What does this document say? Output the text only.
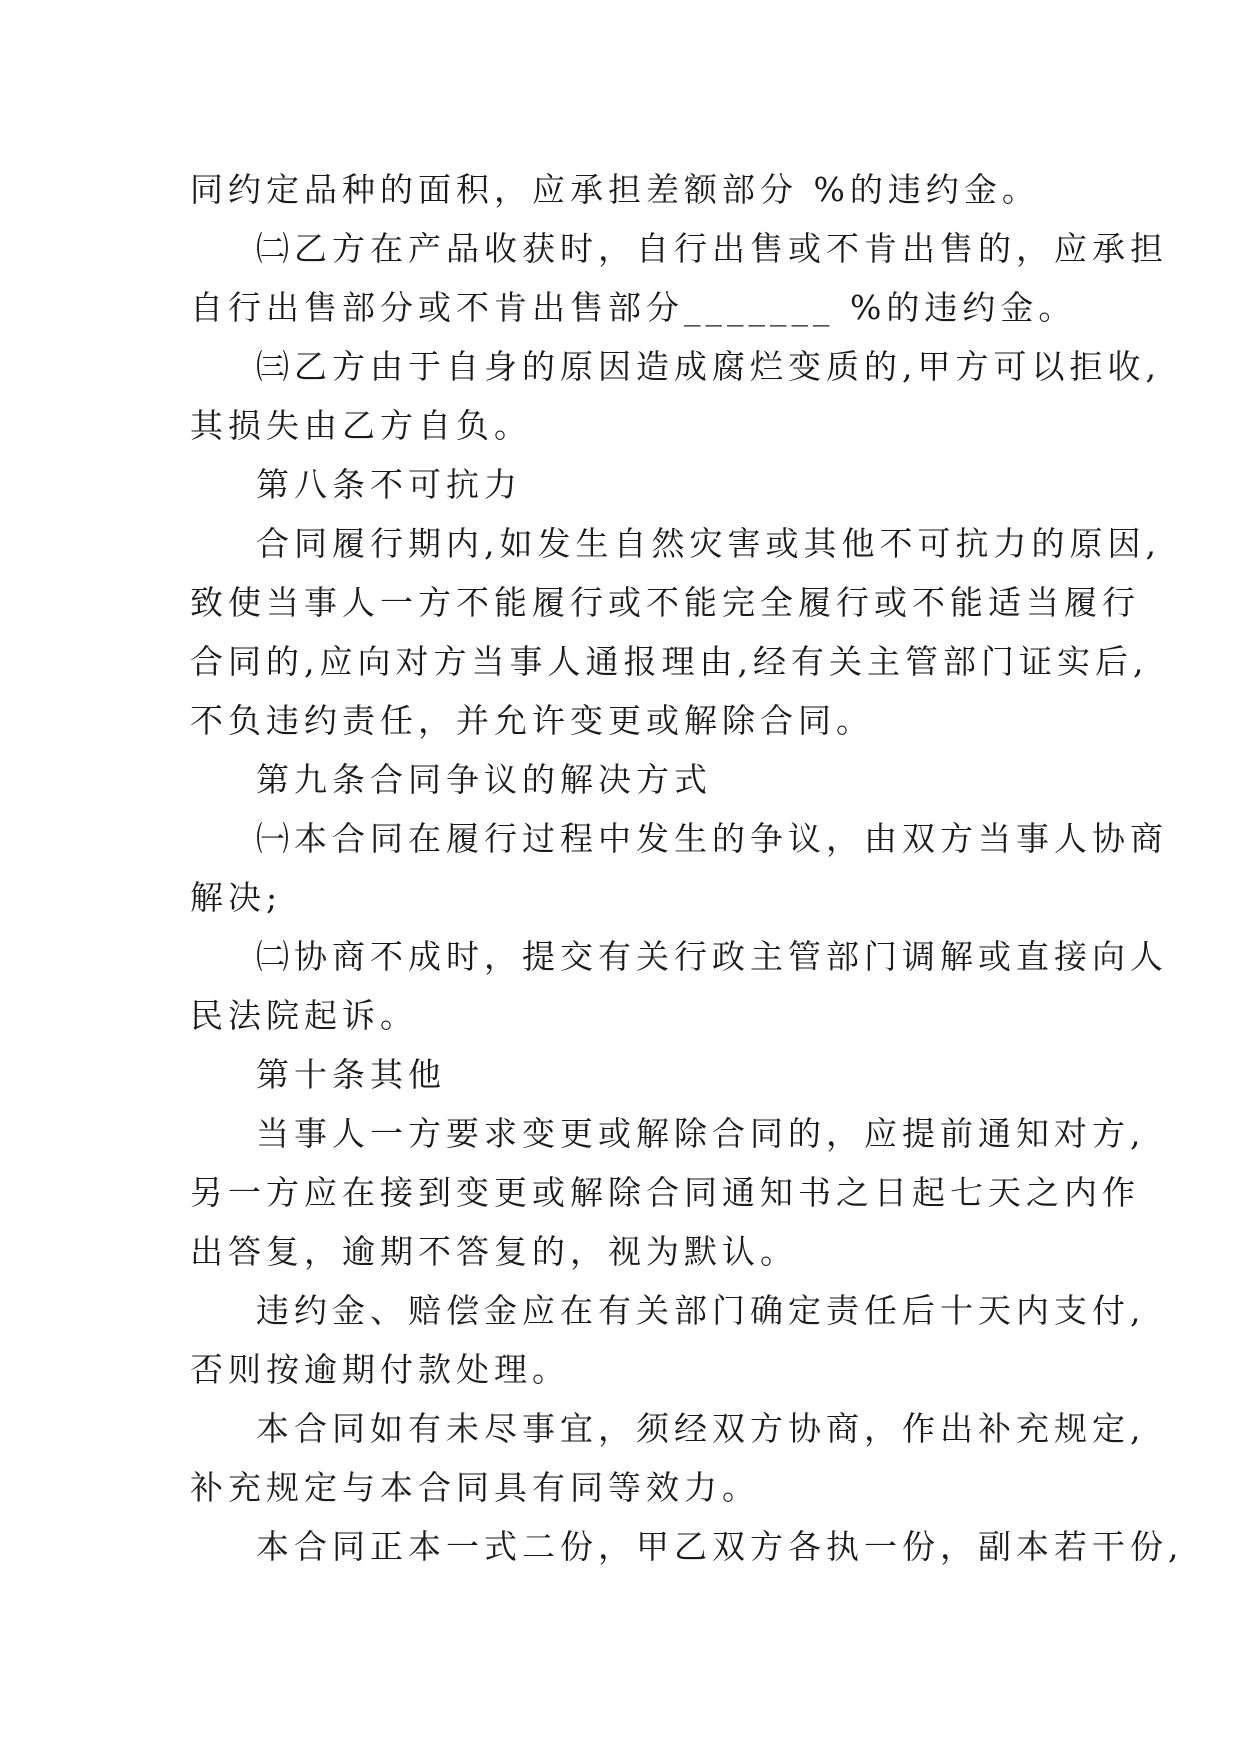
同约定品种的面积，应承担差额部分 %的违约金。
㈡乙方在产品收获时，自行出售或不肯出售的，应承担
自行出售部分或不肯出售部分_______ %的违约金。
㈢乙方由于自身的原因造成腐烂变质的,甲方可以拒收,
其损失由乙方自负。
第八条不可抗力
合同履行期内,如发生自然灾害或其他不可抗力的原因,
致使当事人一方不能履行或不能完全履行或不能适当履行
合同的,应向对方当事人通报理由,经有关主管部门证实后,
不负违约责任，并允许变更或解除合同。
第九条合同争议的解决方式
㈠本合同在履行过程中发生的争议，由双方当事人协商
解决;
㈡协商不成时，提交有关行政主管部门调解或直接向人
民法院起诉。
第十条其他
当事人一方要求变更或解除合同的，应提前通知对方,
另一方应在接到变更或解除合同通知书之日起七天之内作
出答复，逾期不答复的，视为默认。
违约金、赔偿金应在有关部门确定责任后十天内支付,
否则按逾期付款处理。
本合同如有未尽事宜，须经双方协商，作出补充规定,
补充规定与本合同具有同等效力。
本合同正本一式二份，甲乙双方各执一份，副本若干份,
